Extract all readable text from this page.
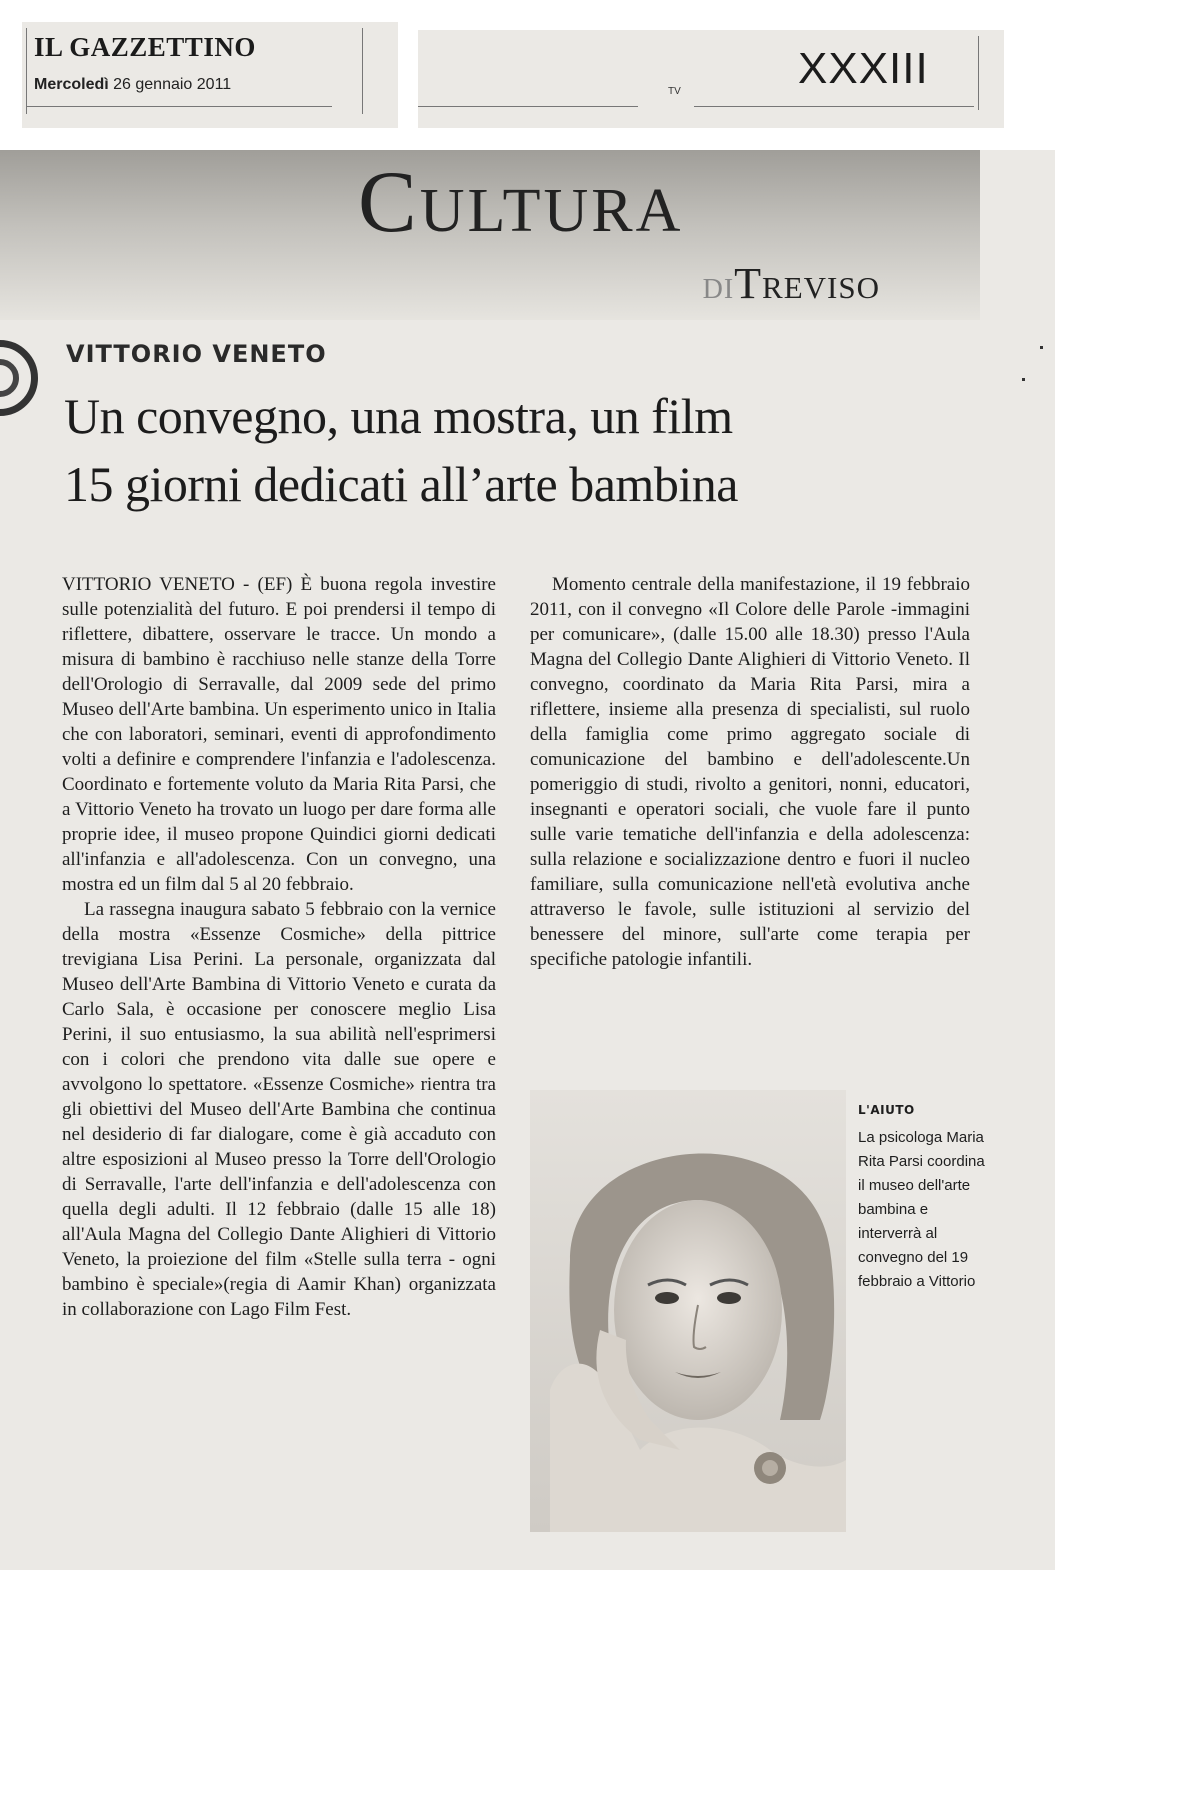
IL GAZZETTINO
Mercoledì 26 gennaio 2011	TV	XXXIII
Cultura
DITreviso
VITTORIO VENETO
Un convegno, una mostra, un film
15 giorni dedicati all’arte bambina

VITTORIO VENETO - (EF) È buona regola investire sulle potenzialità del futuro. E poi prendersi il tempo di riflettere, dibattere, osservare le tracce. Un mondo a misura di bambino è racchiuso nelle stanze della Torre dell'Orologio di Serravalle, dal 2009 sede del primo Museo dell'Arte bambina. Un esperimento unico in Italia che con laboratori, seminari, eventi di approfondimento volti a definire e comprendere l'infanzia e l'adolescenza. Coordinato e fortemente voluto da Maria Rita Parsi, che a Vittorio Veneto ha trovato un luogo per dare forma alle proprie idee, il museo propone Quindici giorni dedicati all'infanzia e all'adolescenza. Con un convegno, una mostra ed un film dal 5 al 20 febbraio.

La rassegna inaugura sabato 5 febbraio con la vernice della mostra «Essenze Cosmiche» della pittrice trevigiana Lisa Perini. La personale, organizzata dal Museo dell'Arte Bambina di Vittorio Veneto e curata da Carlo Sala, è occasione per conoscere meglio Lisa Perini, il suo entusiasmo, la sua abilità nell'esprimersi con i colori che prendono vita dalle sue opere e avvolgono lo spettatore. «Essenze Cosmiche» rientra tra gli obiettivi del Museo dell'Arte Bambina che continua nel desiderio di far dialogare, come è già accaduto con altre esposizioni al Museo presso la Torre dell'Orologio di Serravalle, l'arte dell'infanzia e dell'adolescenza con quella degli adulti. Il 12 febbraio (dalle 15 alle 18) all'Aula Magna del Collegio Dante Alighieri di Vittorio Veneto, la proiezione del film «Stelle sulla terra - ogni bambino è speciale»(regia di Aamir Khan) organizzata in collaborazione con Lago Film Fest.

Momento centrale della manifestazione, il 19 febbraio 2011, con il convegno «Il Colore delle Parole -immagini per comunicare», (dalle 15.00 alle 18.30) presso l'Aula Magna del Collegio Dante Alighieri di Vittorio Veneto. Il convegno, coordinato da Maria Rita Parsi, mira a riflettere, insieme alla presenza di specialisti, sul ruolo della famiglia come primo aggregato sociale di comunicazione del bambino e dell'adolescente.Un pomeriggio di studi, rivolto a genitori, nonni, educatori, insegnanti e operatori sociali, che vuole fare il punto sulle varie tematiche dell'infanzia e della adolescenza: sulla relazione e socializzazione dentro e fuori il nucleo familiare, sulla comunicazione nell'età evolutiva anche attraverso le favole, sulle istituzioni al servizio del benessere del minore, sull'arte come terapia per specifiche patologie infantili.

L'AIUTO
La psicologa Maria Rita Parsi coordina il museo dell'arte bambina e interverrà al convegno del 19 febbraio a Vittorio
